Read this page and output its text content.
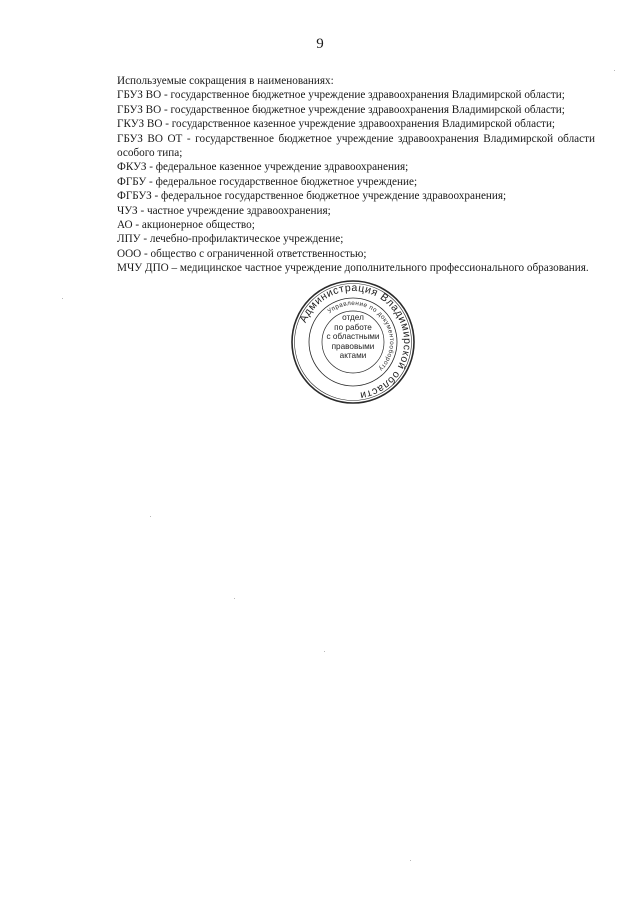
9

Используемые сокращения в наименованиях:

ГБУЗ ВО - государственное бюджетное учреждение здравоохранения Владимирской области;

ГБУЗ ВО - государственное бюджетное учреждение здравоохранения Владимирской области;

ГКУЗ ВО - государственное казенное учреждение здравоохранения Владимирской области;

ГБУЗ ВО ОТ - государственное бюджетное учреждение здравоохранения Владимирской области особого типа;

ФКУЗ - федеральное казенное учреждение здравоохранения;

ФГБУ - федеральное государственное бюджетное учреждение;

ФГБУЗ - федеральное государственное бюджетное учреждение здравоохранения;

ЧУЗ - частное учреждение здравоохранения;

АО - акционерное общество;

ЛПУ - лечебно-профилактическое учреждение;

ООО - общество с ограниченной ответственностью;

МЧУ ДПО – медицинское частное учреждение дополнительного профессионального образования.

Администрация Владимирской области
Управление по документообороту
отдел
по работе
с областными
правовыми
актами
